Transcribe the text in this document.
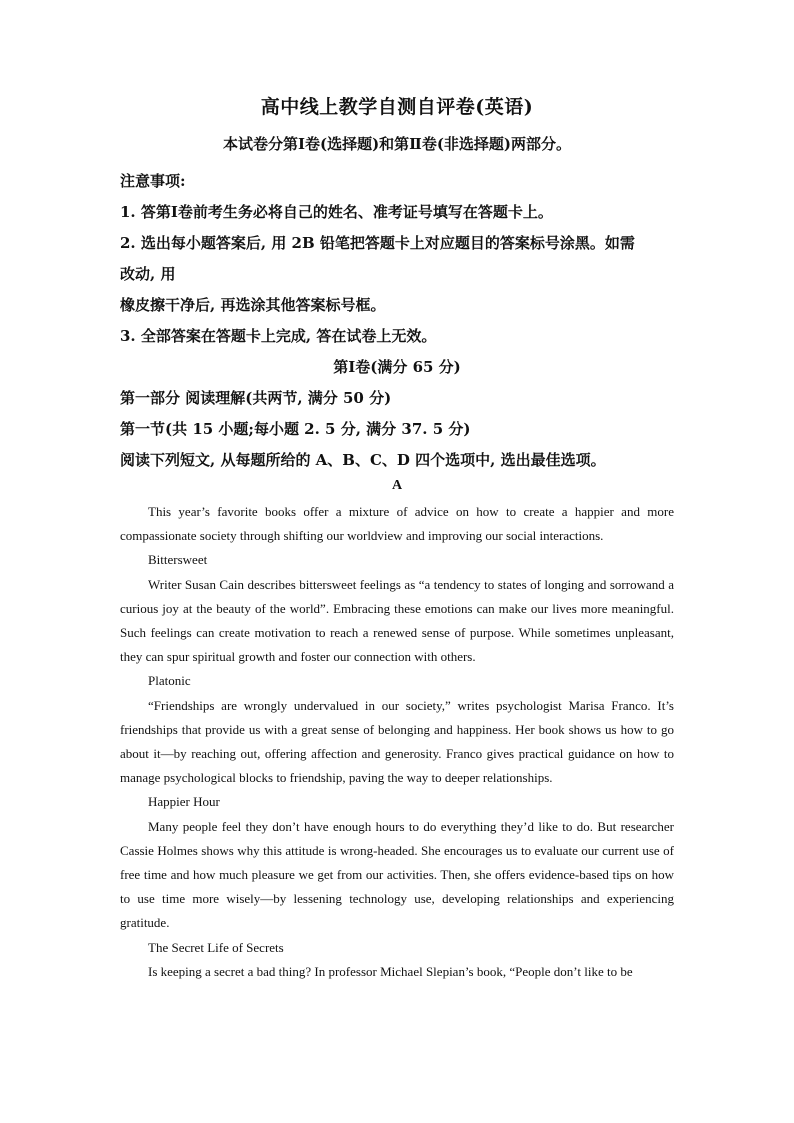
高中线上教学自测自评卷(英语)

本试卷分第Ⅰ卷(选择题)和第Ⅱ卷(非选择题)两部分。

注意事项:

1. 答第Ⅰ卷前考生务必将自己的姓名、准考证号填写在答题卡上。

2. 选出每小题答案后, 用 2B 铅笔把答题卡上对应题目的答案标号涂黑。如需

改动, 用

橡皮擦干净后, 再选涂其他答案标号框。

3. 全部答案在答题卡上完成, 答在试卷上无效。

第Ⅰ卷(满分 65 分)

第一部分 阅读理解(共两节, 满分 50 分)

第一节(共 15 小题;每小题 2. 5 分, 满分 37. 5 分)

阅读下列短文, 从每题所给的 A、B、C、D 四个选项中, 选出最佳选项。

A

This year’s favorite books offer a mixture of advice on how to create a happier and more compassionate society through shifting our worldview and improving our social interactions.

Bittersweet

Writer Susan Cain describes bittersweet feelings as “a tendency to states of longing and sorrowand a curious joy at the beauty of the world”. Embracing these emotions can make our lives more meaningful. Such feelings can create motivation to reach a renewed sense of purpose. While sometimes unpleasant, they can spur spiritual growth and foster our connection with others.

Platonic

“Friendships are wrongly undervalued in our society,” writes psychologist Marisa Franco. It’s friendships that provide us with a great sense of belonging and happiness. Her book shows us how to go about it—by reaching out, offering affection and generosity. Franco gives practical guidance on how to manage psychological blocks to friendship, paving the way to deeper relationships.

Happier Hour

Many people feel they don’t have enough hours to do everything they’d like to do. But researcher Cassie Holmes shows why this attitude is wrong-headed. She encourages us to evaluate our current use of free time and how much pleasure we get from our activities. Then, she offers evidence-based tips on how to use time more wisely—by lessening technology use, developing relationships and experiencing gratitude.

The Secret Life of Secrets

Is keeping a secret a bad thing? In professor Michael Slepian’s book, “People don’t like to be
